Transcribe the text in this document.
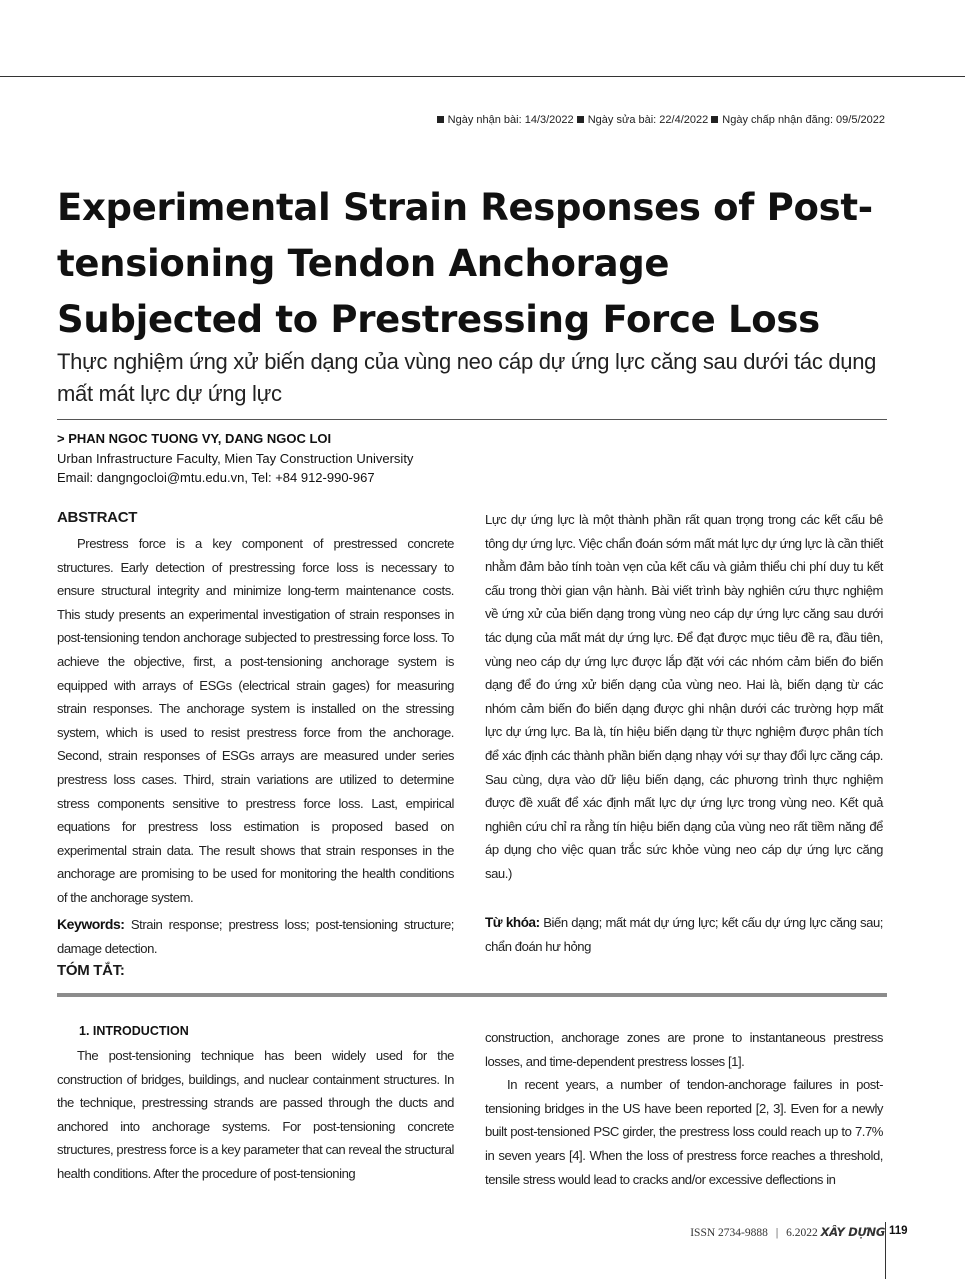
Ngày nhận bài: 14/3/2022 Ngày sửa bài: 22/4/2022 Ngày chấp nhận đăng: 09/5/2022
Experimental Strain Responses of Post-tensioning Tendon Anchorage Subjected to Prestressing Force Loss
Thực nghiệm ứng xử biến dạng của vùng neo cáp dự ứng lực căng sau dưới tác dụng mất mát lực dự ứng lực
> PHAN NGOC TUONG VY, DANG NGOC LOI
Urban Infrastructure Faculty, Mien Tay Construction University
Email: dangngocloi@mtu.edu.vn, Tel: +84 912-990-967
ABSTRACT

Prestress force is a key component of prestressed concrete structures. Early detection of prestressing force loss is necessary to ensure structural integrity and minimize long-term maintenance costs. This study presents an experimental investigation of strain responses in post-tensioning tendon anchorage subjected to prestressing force loss. To achieve the objective, first, a post-tensioning anchorage system is equipped with arrays of ESGs (electrical strain gages) for measuring strain responses. The anchorage system is installed on the stressing system, which is used to resist prestress force from the anchorage. Second, strain responses of ESGs arrays are measured under series prestress loss cases. Third, strain variations are utilized to determine stress components sensitive to prestress force loss. Last, empirical equations for prestress loss estimation is proposed based on experimental strain data. The result shows that strain responses in the anchorage are promising to be used for monitoring the health conditions of the anchorage system.

Keywords: Strain response; prestress loss; post-tensioning structure; damage detection.

TÓM TẮT:

Lực dự ứng lực là một thành phần rất quan trọng trong các kết cấu bê tông dự ứng lực. Việc chẩn đoán sớm mất mát lực dự ứng lực là cần thiết nhằm đảm bảo tính toàn vẹn của kết cấu và giảm thiểu chi phí duy tu kết cấu trong thời gian vận hành. Bài viết trình bày nghiên cứu thực nghiệm về ứng xử của biến dạng trong vùng neo cáp dự ứng lực căng sau dưới tác dụng của mất mát dự ứng lực. Để đạt được mục tiêu đề ra, đầu tiên, vùng neo cáp dự ứng lực được lắp đặt với các nhóm cảm biến đo biến dạng để đo ứng xử biến dạng của vùng neo. Hai là, biến dạng từ các nhóm cảm biến đo biến dạng được ghi nhận dưới các trường hợp mất lực dự ứng lực. Ba là, tín hiệu biến dạng từ thực nghiệm được phân tích để xác định các thành phần biến dạng nhạy với sự thay đổi lực căng cáp. Sau cùng, dựa vào dữ liệu biến dạng, các phương trình thực nghiệm được đề xuất để xác định mất lực dự ứng lực trong vùng neo. Kết quả nghiên cứu chỉ ra rằng tín hiệu biến dạng của vùng neo rất tiềm năng để áp dụng cho việc quan trắc sức khỏe vùng neo cáp dự ứng lực căng sau.)

Từ khóa: Biến dạng; mất mát dự ứng lực; kết cấu dự ứng lực căng sau; chẩn đoán hư hỏng

1. INTRODUCTION

The post-tensioning technique has been widely used for the construction of bridges, buildings, and nuclear containment structures. In the technique, prestressing strands are passed through the ducts and anchored into anchorage systems. For post-tensioning concrete structures, prestress force is a key parameter that can reveal the structural health conditions. After the procedure of post-tensioning

construction, anchorage zones are prone to instantaneous prestress losses, and time-dependent prestress losses [1].
In recent years, a number of tendon-anchorage failures in post-tensioning bridges in the US have been reported [2, 3]. Even for a newly built post-tensioned PSC girder, the prestress loss could reach up to 7.7% in seven years [4]. When the loss of prestress force reaches a threshold, tensile stress would lead to cracks and/or excessive deflections in
ISSN 2734-9888 | 6.2022 XÂY DỰNG 119
